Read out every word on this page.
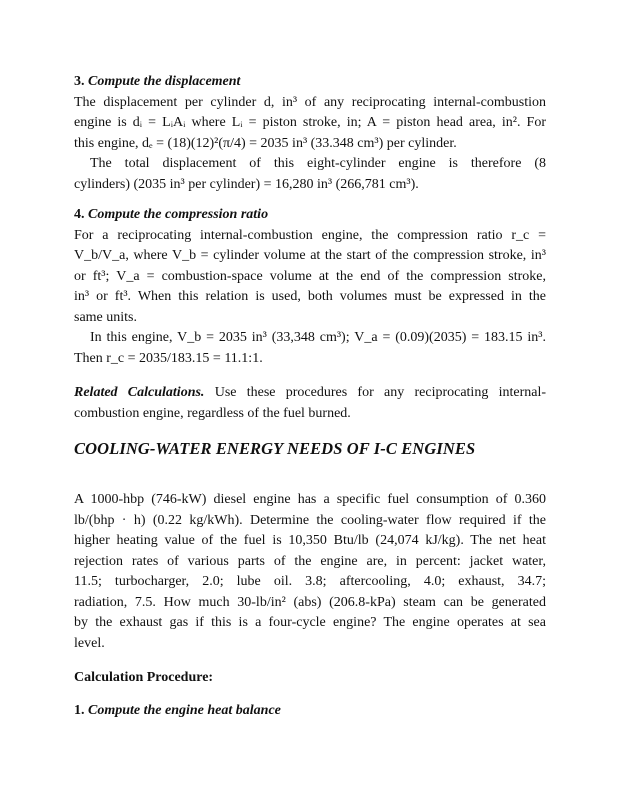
3. Compute the displacement

The displacement per cylinder d, in³ of any reciprocating internal-combustion

engine is dᵢ = LᵢAᵢ where Lᵢ = piston stroke, in; A = piston head area, in². For

this engine, dₑ = (18)(12)²(π/4) = 2035 in³ (33.348 cm³) per cylinder.

The total displacement of this eight-cylinder engine is therefore (8

cylinders) (2035 in³ per cylinder) = 16,280 in³ (266,781 cm³).

4. Compute the compression ratio

For a reciprocating internal-combustion engine, the compression ratio r_c =

V_b/V_a, where V_b = cylinder volume at the start of the compression stroke, in³

or ft³; V_a = combustion-space volume at the end of the compression stroke,

in³ or ft³. When this relation is used, both volumes must be expressed in the

same units.

In this engine, V_b = 2035 in³ (33,348 cm³); V_a = (0.09)(2035) = 183.15 in³.

Then r_c = 2035/183.15 = 11.1:1.

Related Calculations. Use these procedures for any reciprocating internal-

combustion engine, regardless of the fuel burned.

COOLING-WATER ENERGY NEEDS OF I-C ENGINES

A 1000-hbp (746-kW) diesel engine has a specific fuel consumption of 0.360

lb/(bhp · h) (0.22 kg/kWh). Determine the cooling-water flow required if the

higher heating value of the fuel is 10,350 Btu/lb (24,074 kJ/kg). The net heat

rejection rates of various parts of the engine are, in percent: jacket water,

11.5; turbocharger, 2.0; lube oil. 3.8; aftercooling, 4.0; exhaust, 34.7;

radiation, 7.5. How much 30-lb/in² (abs) (206.8-kPa) steam can be generated

by the exhaust gas if this is a four-cycle engine? The engine operates at sea

level.

Calculation Procedure:

1. Compute the engine heat balance
